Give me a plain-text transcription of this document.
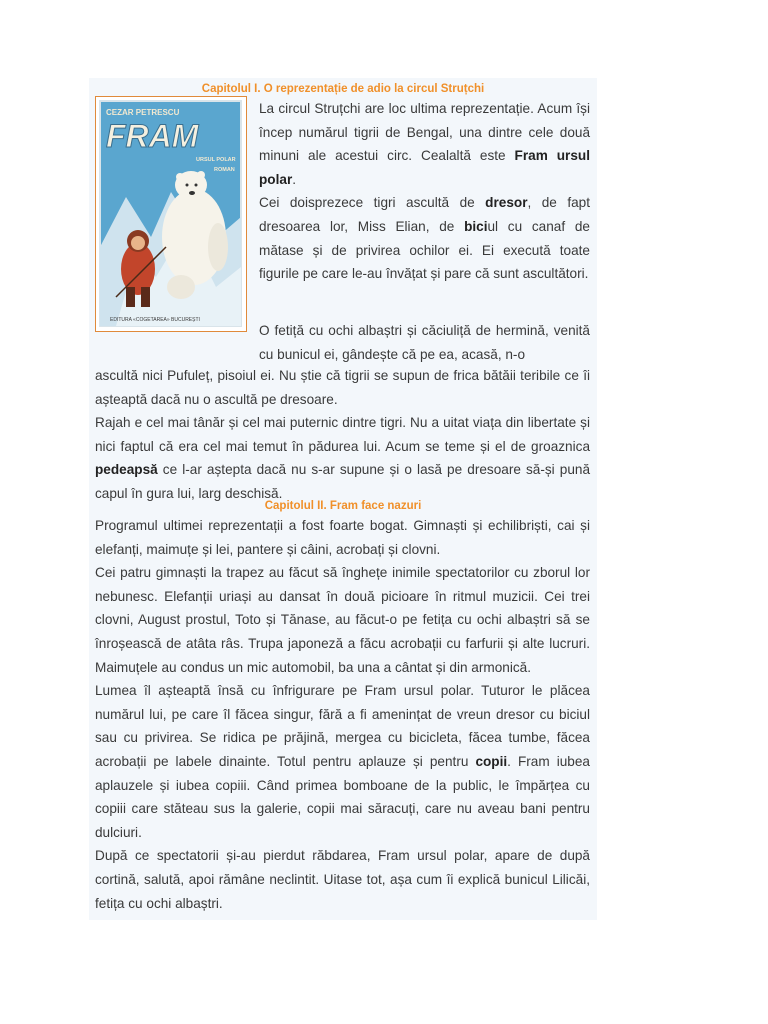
Capitolul I. O reprezentație de adio la circul Struțchi
CEZAR PETRESCU
FRAM
URSUL POLAR
ROMAN
EDITURA «COGETAREA» BUCUREȘTI

La circul Struțchi are loc ultima reprezentație. Acum își încep numărul tigrii de Bengal, una dintre cele două minuni ale acestui circ. Cealaltă este Fram ursul polar.

Cei doisprezece tigri ascultă de dresor, de fapt dresoarea lor, Miss Elian, de biciul cu canaf de mătase și de privirea ochilor ei. Ei execută toate figurile pe care le-au învățat și pare că sunt ascultători.

O fetiță cu ochi albaștri și căciuliță de hermină, venită cu bunicul ei, gândește că pe ea, acasă, n-o

ascultă nici Pufuleț, pisoiul ei. Nu știe că tigrii se supun de frica bătăii teribile ce îi așteaptă dacă nu o ascultă pe dresoare.

Rajah e cel mai tânăr și cel mai puternic dintre tigri. Nu a uitat viața din libertate și nici faptul că era cel mai temut în pădurea lui. Acum se teme și el de groaznica pedeapsă ce l-ar aștepta dacă nu s-ar supune și o lasă pe dresoare să-și pună capul în gura lui, larg deschisă.

Capitolul II. Fram face nazuri

Programul ultimei reprezentații a fost foarte bogat. Gimnaști și echilibriști, cai și elefanți, maimuțe și lei, pantere și câini, acrobați și clovni.

Cei patru gimnaști la trapez au făcut să înghețe inimile spectatorilor cu zborul lor nebunesc. Elefanții uriași au dansat în două picioare în ritmul muzicii. Cei trei clovni, August prostul, Toto și Tănase, au făcut-o pe fetița cu ochi albaștri să se înroșească de atâta râs. Trupa japoneză a făcu acrobații cu farfurii și alte lucruri. Maimuțele au condus un mic automobil, ba una a cântat și din armonică.

Lumea îl așteaptă însă cu înfrigurare pe Fram ursul polar. Tuturor le plăcea numărul lui, pe care îl făcea singur, fără a fi amenințat de vreun dresor cu biciul sau cu privirea. Se ridica pe prăjină, mergea cu bicicleta, făcea tumbe, făcea acrobații pe labele dinainte. Totul pentru aplauze și pentru copii. Fram iubea aplauzele și iubea copiii. Când primea bomboane de la public, le împărțea cu copiii care stăteau sus la galerie, copii mai săracuți, care nu aveau bani pentru dulciuri.

După ce spectatorii și-au pierdut răbdarea, Fram ursul polar, apare de după cortină, salută, apoi rămâne neclintit. Uitase tot, așa cum îi explică bunicul Lilicăi, fetița cu ochi albaștri.
